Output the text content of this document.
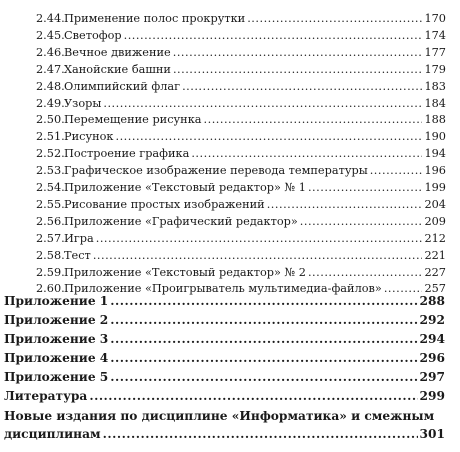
2.44. Применение полос прокрутки .....	170
2.45. Светофор .....	174
2.46. Вечное движение .....	177
2.47. Ханойские башни .....	179
2.48. Олимпийский флаг .....	183
2.49. Узоры .....	184
2.50. Перемещение рисунка .....	188
2.51. Рисунок .....	190
2.52. Построение графика .....	194
2.53. Графическое изображение перевода температуры .....	196
2.54. Приложение «Текстовый редактор» № 1 .....	199
2.55. Рисование простых изображений .....	204
2.56. Приложение «Графический редактор» .....	209
2.57. Игра .....	212
2.58. Тест .....	221
2.59. Приложение «Текстовый редактор» № 2 .....	227
2.60. Приложение «Проигрыватель мультимедиа-файлов» .....	257
Приложение 1 .....	288
Приложение 2 .....	292
Приложение 3 .....	294
Приложение 4 .....	296
Приложение 5 .....	297
Литература .....	299
Новые издания по дисциплине «Информатика» и смежным
дисциплинам .....	301
